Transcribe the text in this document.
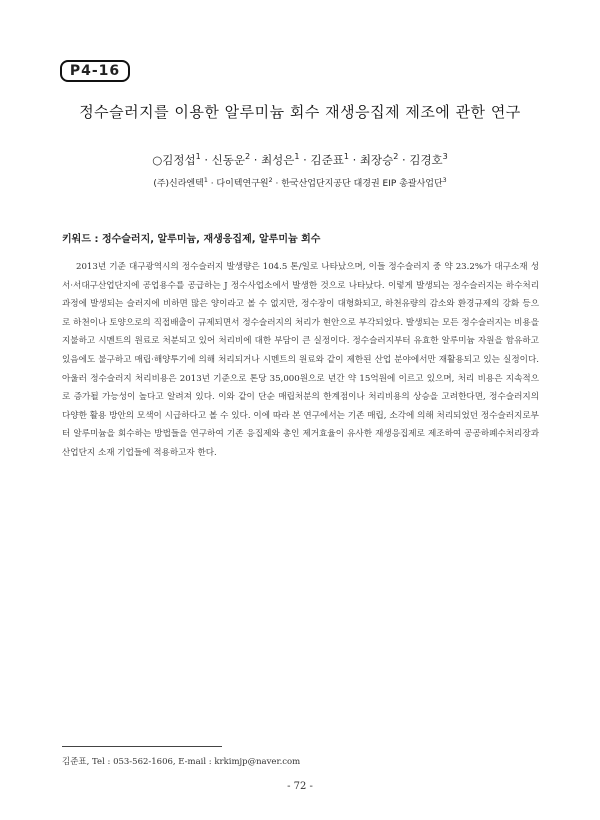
P4-16
정수슬러지를 이용한 알루미늄 회수 재생응집제 제조에 관한 연구
○김정섭$^1$ · 신동운$^2$ · 최성은$^1$ · 김준표$^1$ · 최장승$^2$ · 김경호$^3$
(주)신라엔텍$^1$ · 다이텍연구원$^2$ · 한국산업단지공단 대경권 EIP 총괄사업단$^3$
키워드 : 정수슬러지, 알루미늄, 재생응집제, 알루미늄 회수

2013년 기준 대구광역시의 정수슬러지 발생량은 104.5 톤/일로 나타났으며, 이들 정수슬러지 중 약 23.2%가 대구소재 성서·서대구산업단지에 공업용수를 공급하는 J 정수사업소에서 발생한 것으로 나타났다. 이렇게 발생되는 정수슬러지는 하수처리 과정에 발생되는 슬러지에 비하면 많은 양이라고 볼 수 없지만, 정수장이 대형화되고, 하천유량의 감소와 환경규제의 강화 등으로 하천이나 토양으로의 직접배출이 규제되면서 정수슬러지의 처리가 현안으로 부각되었다. 발생되는 모든 정수슬러지는 비용을 지불하고 시멘트의 원료로 처분되고 있어 처리비에 대한 부담이 큰 실정이다. 정수슬러지부터 유효한 알루미늄 자원을 함유하고 있음에도 불구하고 매립·해양투기에 의해 처리되거나 시멘트의 원료와 같이 제한된 산업 분야에서만 재활용되고 있는 실정이다. 아울러 정수슬러지 처리비용은 2013년 기준으로 톤당 35,000원으로 년간 약 15억원에 이르고 있으며, 처리 비용은 지속적으로 증가될 가능성이 높다고 알려져 있다. 이와 같이 단순 매립처분의 한계점이나 처리비용의 상승을 고려한다면, 정수슬러지의 다양한 활용 방안의 모색이 시급하다고 볼 수 있다. 이에 따라 본 연구에서는 기존 매립, 소각에 의해 처리되었던 정수슬러지로부터 알루미늄을 회수하는 방법들을 연구하여 기존 응집제와 총인 제거효율이 유사한 재생응집제로 제조하여 공공하폐수처리장과 산업단지 소재 기업들에 적용하고자 한다.

김준표, Tel : 053-562-1606, E-mail : krkimjp@naver.com
- 72 -
